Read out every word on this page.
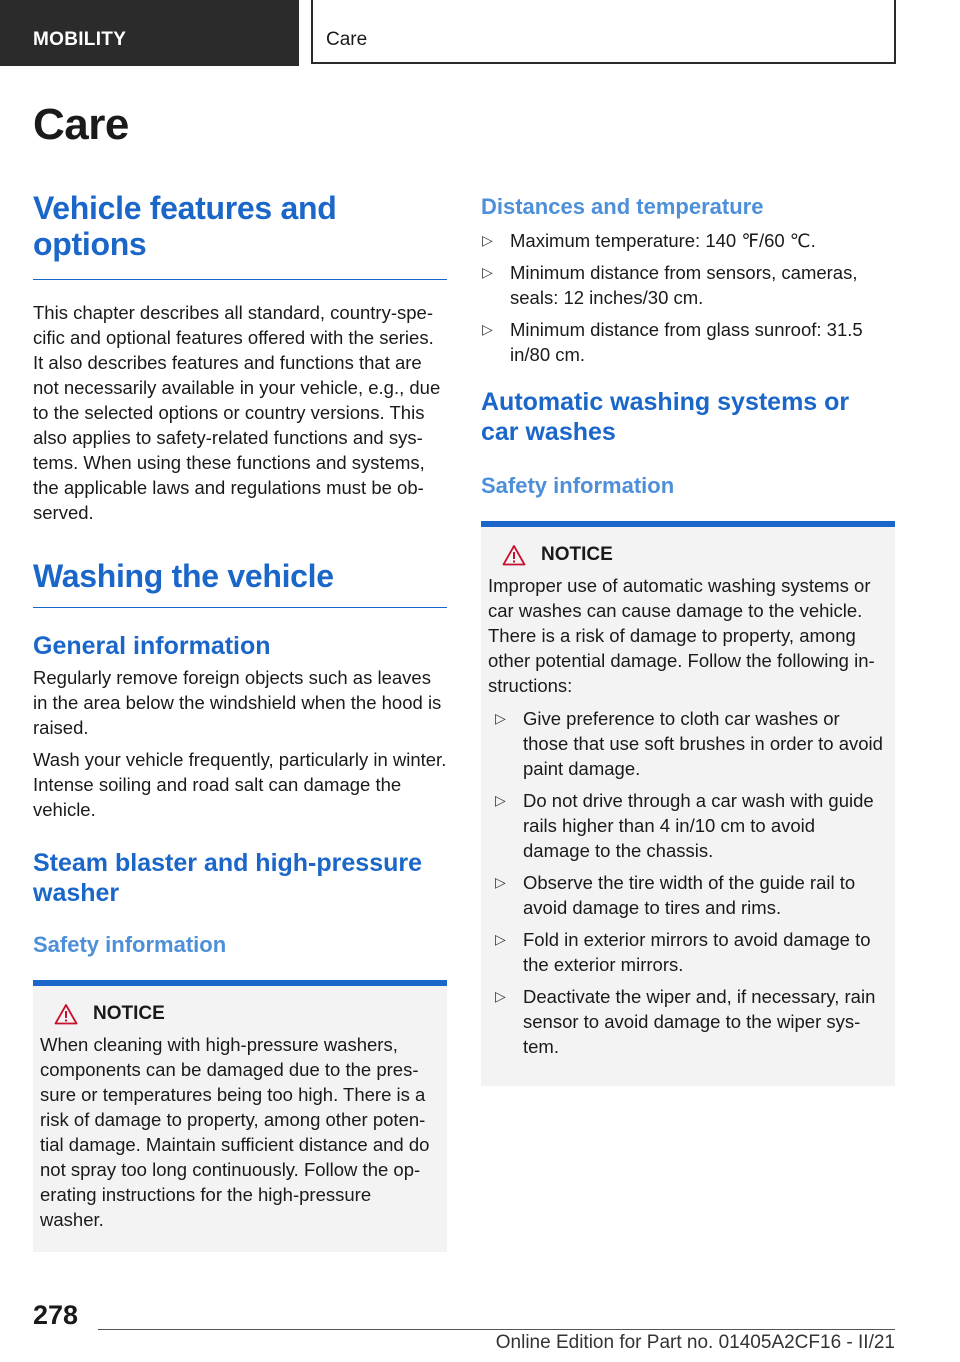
MOBILITY	Care
Care
Vehicle features and options

This chapter describes all standard, country-specific and optional features offered with the series. It also describes features and functions that are not necessarily available in your vehicle, e.g., due to the selected options or country versions. This also applies to safety-related functions and systems. When using these functions and systems, the applicable laws and regulations must be observed.

Washing the vehicle
General information

Regularly remove foreign objects such as leaves in the area below the windshield when the hood is raised.

Wash your vehicle frequently, particularly in winter. Intense soiling and road salt can damage the vehicle.

Steam blaster and high-pressure washer
Safety information
NOTICE

When cleaning with high-pressure washers, components can be damaged due to the pressure or temperatures being too high. There is a risk of damage to property, among other potential damage. Maintain sufficient distance and do not spray too long continuously. Follow the operating instructions for the high-pressure washer.

Distances and temperature
▷ Maximum temperature: 140 ℉/60 ℃.
▷ Minimum distance from sensors, cameras, seals: 12 inches/30 cm.
▷ Minimum distance from glass sunroof: 31.5 in/80 cm.
Automatic washing systems or car washes
Safety information
NOTICE

Improper use of automatic washing systems or car washes can cause damage to the vehicle. There is a risk of damage to property, among other potential damage. Follow the following instructions:

▷ Give preference to cloth car washes or those that use soft brushes in order to avoid paint damage.
▷ Do not drive through a car wash with guide rails higher than 4 in/10 cm to avoid damage to the chassis.
▷ Observe the tire width of the guide rail to avoid damage to tires and rims.
▷ Fold in exterior mirrors to avoid damage to the exterior mirrors.
▷ Deactivate the wiper and, if necessary, rain sensor to avoid damage to the wiper system.
278
Online Edition for Part no. 01405A2CF16 - II/21
